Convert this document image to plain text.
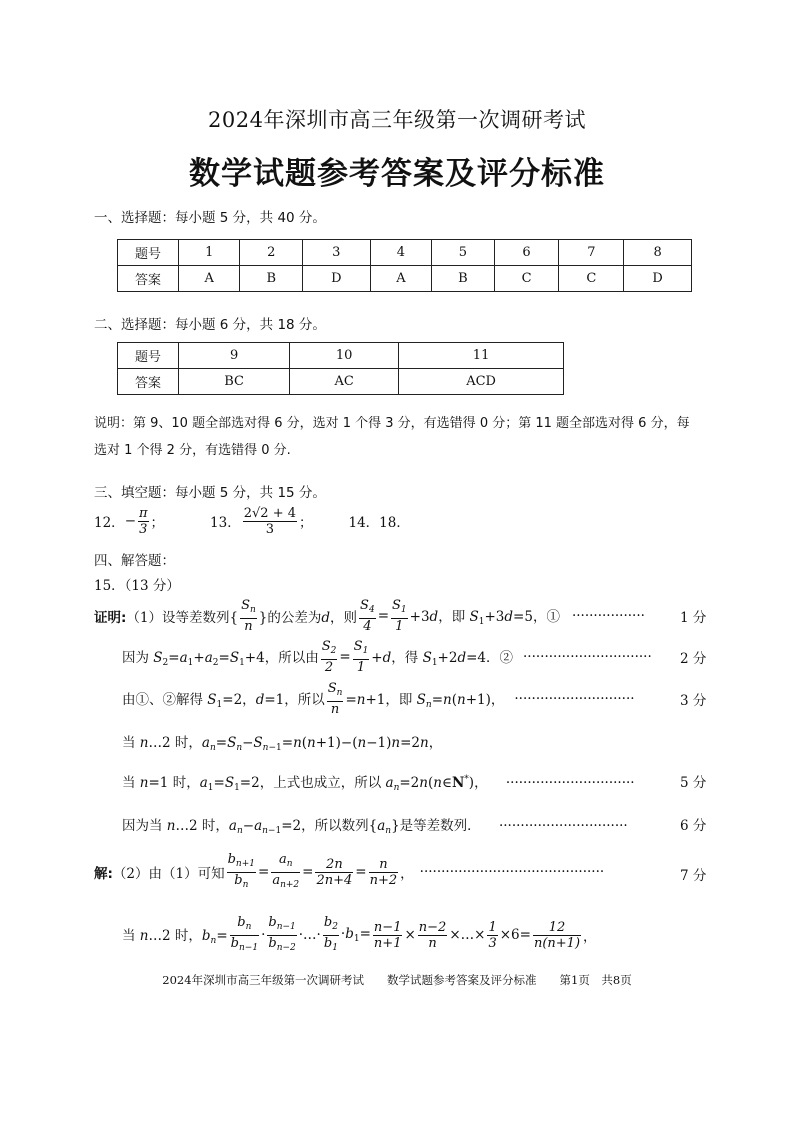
2024年深圳市高三年级第一次调研考试
数学试题参考答案及评分标准
一、选择题：每小题 5 分，共 40 分。
题号	1	2	3	4	5	6	7	8
答案	A	B	D	A	B	C	C	D
二、选择题：每小题 6 分，共 18 分。
题号	9	10	11
答案	BC	AC	ACD
说明：第 9、10 题全部选对得 6 分，选对 1 个得 3 分，有选错得 0 分；第 11 题全部选对得 6 分，每
选对 1 个得 2 分，有选错得 0 分.
三、填空题：每小题 5 分，共 15 分。
12． − $\frac{\pi}{3}$ ；	13． $\frac{2√2 + 4}{3}$ ；	14．18．
四、解答题：
15．（13 分）
证明: （1）设等差数列{ $\frac{S_n}{n}$ }的公差为d，则 $\frac{S_4}{4} = \frac{S_1}{1} +3d$，即 $S_1+3d=5$，① ·················	1 分
因为 $S_2=a_1+a_2=S_1+4$，所以由 $\frac{S_2}{2} = \frac{S_1}{1} +d$，得 $S_1+2d=4$．② ······························ 2 分
由①、②解得 $S_1=2$，d=1，所以 $\frac{S_n}{n} =n+1$，即 $S_n=n(n+1)$， ····························	3 分
当 n…2 时，$a_n=S_n-S_{n-1}=n(n+1)-(n-1)n=2n$，
当 n=1 时，$a_1=S_1=2$，上式也成立，所以 $a_n=2n(n\in N^*)$， ······························	5 分
因为当 n…2 时，$a_n-a_{n-1}=2$，所以数列$\{a_n\}$是等差数列． ······························	6 分
解: （2）由（1）可知 $\frac{b_{n+1}}{b_n} = \frac{a_n}{a_{n+2}} = \frac{2n}{2n+4} = \frac{n}{n+2}$ ， ···········································	7 分
当 n…2 时，$b_n= \frac{b_n}{b_{n-1}} \cdot \frac{b_{n-1}}{b_{n-2}}$ ·…· $\frac{b_2}{b_1} \cdot b_1= \frac{n-1}{n+1} \times \frac{n-2}{n}$ ×…× $\frac{1}{3} \times 6= \frac{12}{n(n+1)}$ ，
2024年深圳市高三年级第一次调研考试　　数学试题参考答案及评分标准　　第1页　共8页
